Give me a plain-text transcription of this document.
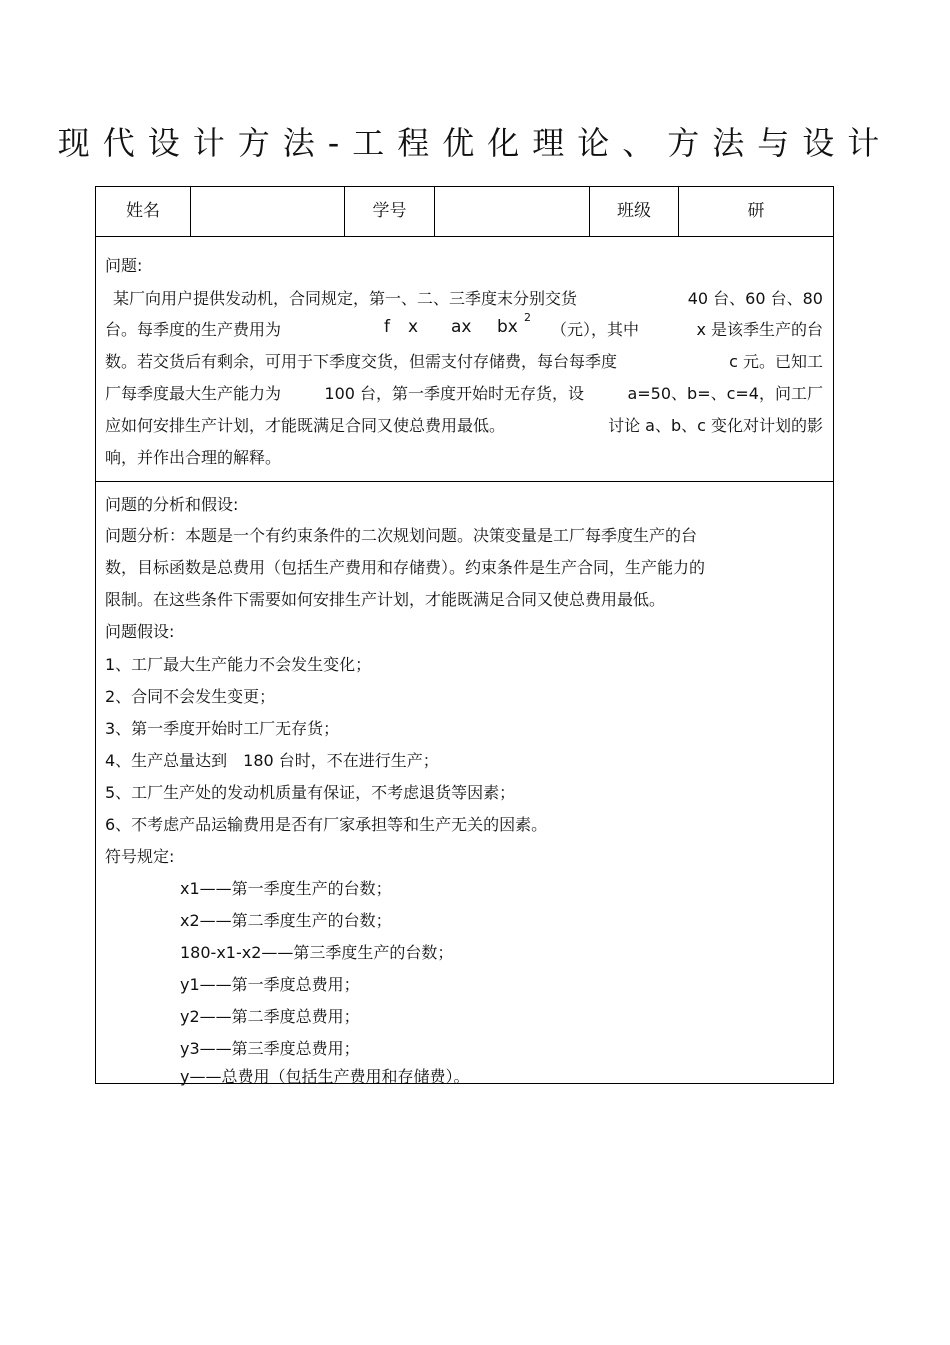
现代设计方法-工程优化理论、方法与设计
姓名	学号	班级	研
问题:
某厂向用户提供发动机，合同规定，第一、二、三季度末分别交货	40 台、60 台、80
台。每季度的生产费用为	f x ax bx 2
（元），其中	x 是该季生产的台
数。若交货后有剩余，可用于下季度交货，但需支付存储费，每台每季度	c 元。已知工
厂每季度最大生产能力为	100 台，第一季度开始时无存货，设	a=50、b=、c=4，问工厂
应如何安排生产计划，才能既满足合同又使总费用最低。	讨论 a、b、c 变化对计划的影
响，并作出合理的解释。
问题的分析和假设:
问题分析：本题是一个有约束条件的二次规划问题。决策变量是工厂每季度生产的台
数，目标函数是总费用（包括生产费用和存储费）。约束条件是生产合同，生产能力的
限制。在这些条件下需要如何安排生产计划，才能既满足合同又使总费用最低。
问题假设:
1、工厂最大生产能力不会发生变化；
2、合同不会发生变更；
3、第一季度开始时工厂无存货；
4、生产总量达到　180 台时，不在进行生产；
5、工厂生产处的发动机质量有保证，不考虑退货等因素；
6、不考虑产品运输费用是否有厂家承担等和生产无关的因素。
符号规定:
x1——第一季度生产的台数；
x2——第二季度生产的台数；
180-x1-x2——第三季度生产的台数；
y1——第一季度总费用；
y2——第二季度总费用；
y3——第三季度总费用；
y——总费用（包括生产费用和存储费）。
